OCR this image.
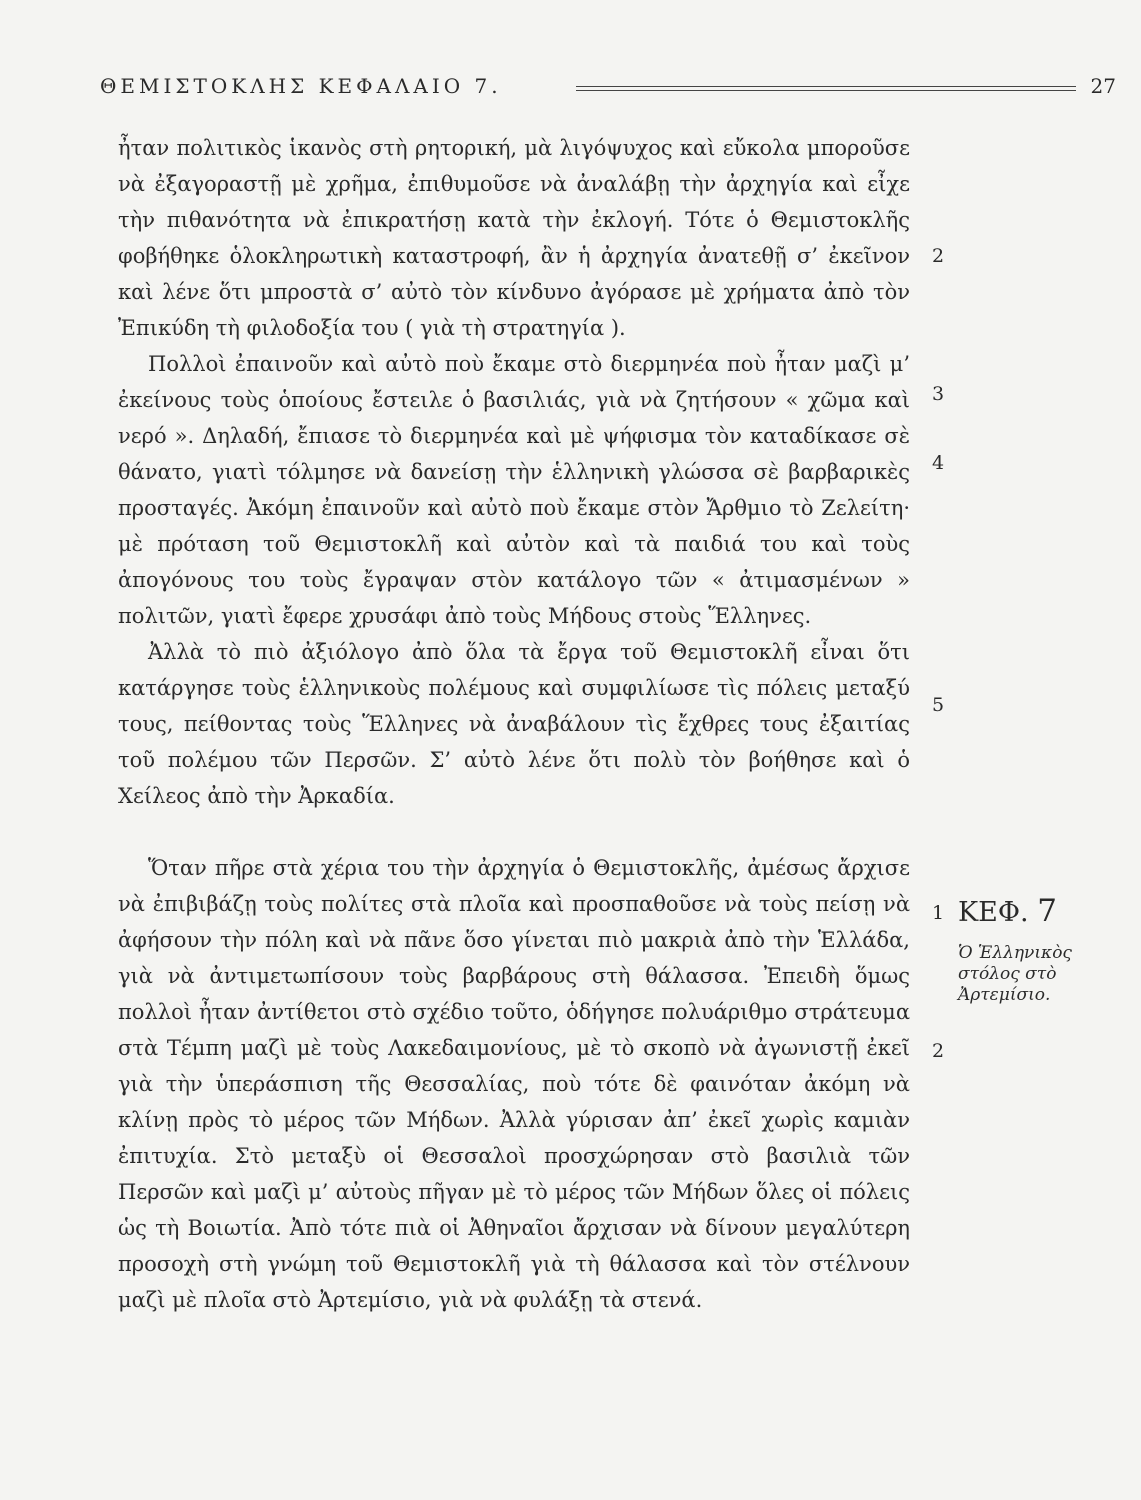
ΘΕΜΙΣΤΟΚΛΗΣ ΚΕΦΑΛΑΙΟ 7.	27

ἦταν πολιτικὸς ἱκανὸς στὴ ρητορική, μὰ λιγόψυχος καὶ εὔκολα μποροῦσε νὰ ἐξαγοραστῇ μὲ χρῆμα, ἐπιθυμοῦσε νὰ ἀναλάβῃ τὴν ἀρχηγία καὶ εἶχε τὴν πιθανότητα νὰ ἐπικρατήσῃ κατὰ τὴν ἐκλογή. Τότε ὁ Θεμιστοκλῆς φοβήθηκε ὁλοκληρωτικὴ καταστροφή, ἂν ἡ ἀρχηγία ἀνατεθῇ σ’ ἐκεῖνον καὶ λένε ὅτι μπροστὰ σ’ αὐτὸ τὸν κίνδυνο ἀγόρασε μὲ χρήματα ἀπὸ τὸν Ἐπικύδη τὴ φιλοδοξία του ( γιὰ τὴ στρατηγία ).

Πολλοὶ ἐπαινοῦν καὶ αὐτὸ ποὺ ἔκαμε στὸ διερμηνέα ποὺ ἦταν μαζὶ μ’ ἐκείνους τοὺς ὁποίους ἔστειλε ὁ βασιλιάς, γιὰ νὰ ζητήσουν « χῶμα καὶ νερό ». Δηλαδή, ἔπιασε τὸ διερμηνέα καὶ μὲ ψήφισμα τὸν καταδίκασε σὲ θάνατο, γιατὶ τόλμησε νὰ δανείσῃ τὴν ἑλληνικὴ γλώσσα σὲ βαρβαρικὲς προσταγές. Ἀκόμη ἐπαινοῦν καὶ αὐτὸ ποὺ ἔκαμε στὸν Ἄρθμιο τὸ Ζελείτη· μὲ πρόταση τοῦ Θεμιστοκλῆ καὶ αὐτὸν καὶ τὰ παιδιά του καὶ τοὺς ἀπογόνους του τοὺς ἔγραψαν στὸν κατάλογο τῶν « ἀτιμασμένων » πολιτῶν, γιατὶ ἔφερε χρυσάφι ἀπὸ τοὺς Μήδους στοὺς Ἕλληνες.

Ἀλλὰ τὸ πιὸ ἀξιόλογο ἀπὸ ὅλα τὰ ἔργα τοῦ Θεμιστοκλῆ εἶναι ὅτι κατάργησε τοὺς ἑλληνικοὺς πολέμους καὶ συμφιλίωσε τὶς πόλεις μεταξύ τους, πείθοντας τοὺς Ἕλληνες νὰ ἀναβάλουν τὶς ἔχθρες τους ἐξαιτίας τοῦ πολέμου τῶν Περσῶν. Σ’ αὐτὸ λένε ὅτι πολὺ τὸν βοήθησε καὶ ὁ Χείλεος ἀπὸ τὴν Ἀρκαδία.

Ὅταν πῆρε στὰ χέρια του τὴν ἀρχηγία ὁ Θεμιστοκλῆς, ἀμέσως ἄρχισε νὰ ἐπιβιβάζῃ τοὺς πολίτες στὰ πλοῖα καὶ προσπαθοῦσε νὰ τοὺς πείσῃ νὰ ἀφήσουν τὴν πόλη καὶ νὰ πᾶνε ὅσο γίνεται πιὸ μακριὰ ἀπὸ τὴν Ἑλλάδα, γιὰ νὰ ἀντιμετωπίσουν τοὺς βαρβάρους στὴ θάλασσα. Ἐπειδὴ ὅμως πολλοὶ ἦταν ἀντίθετοι στὸ σχέδιο τοῦτο, ὁδήγησε πολυάριθμο στράτευμα στὰ Τέμπη μαζὶ μὲ τοὺς Λακεδαιμονίους, μὲ τὸ σκοπὸ νὰ ἀγωνιστῇ ἐκεῖ γιὰ τὴν ὑπεράσπιση τῆς Θεσσαλίας, ποὺ τότε δὲ φαινόταν ἀκόμη νὰ κλίνῃ πρὸς τὸ μέρος τῶν Μήδων. Ἀλλὰ γύρισαν ἀπ’ ἐκεῖ χωρὶς καμιὰν ἐπιτυχία. Στὸ μεταξὺ οἱ Θεσσαλοὶ προσχώρησαν στὸ βασιλιὰ τῶν Περσῶν καὶ μαζὶ μ’ αὐτοὺς πῆγαν μὲ τὸ μέρος τῶν Μήδων ὅλες οἱ πόλεις ὡς τὴ Βοιωτία. Ἀπὸ τότε πιὰ οἱ Ἀθηναῖοι ἄρχισαν νὰ δίνουν μεγαλύτερη προσοχὴ στὴ γνώμη τοῦ Θεμιστοκλῆ γιὰ τὴ θάλασσα καὶ τὸν στέλνουν μαζὶ μὲ πλοῖα στὸ Ἀρτεμίσιο, γιὰ νὰ φυλάξῃ τὰ στενά.

2
3
4
5
1
2
ΚΕΦ. 7
Ὁ Ἑλληνικὸς
στόλος στὸ
Ἀρτεμίσιο.
